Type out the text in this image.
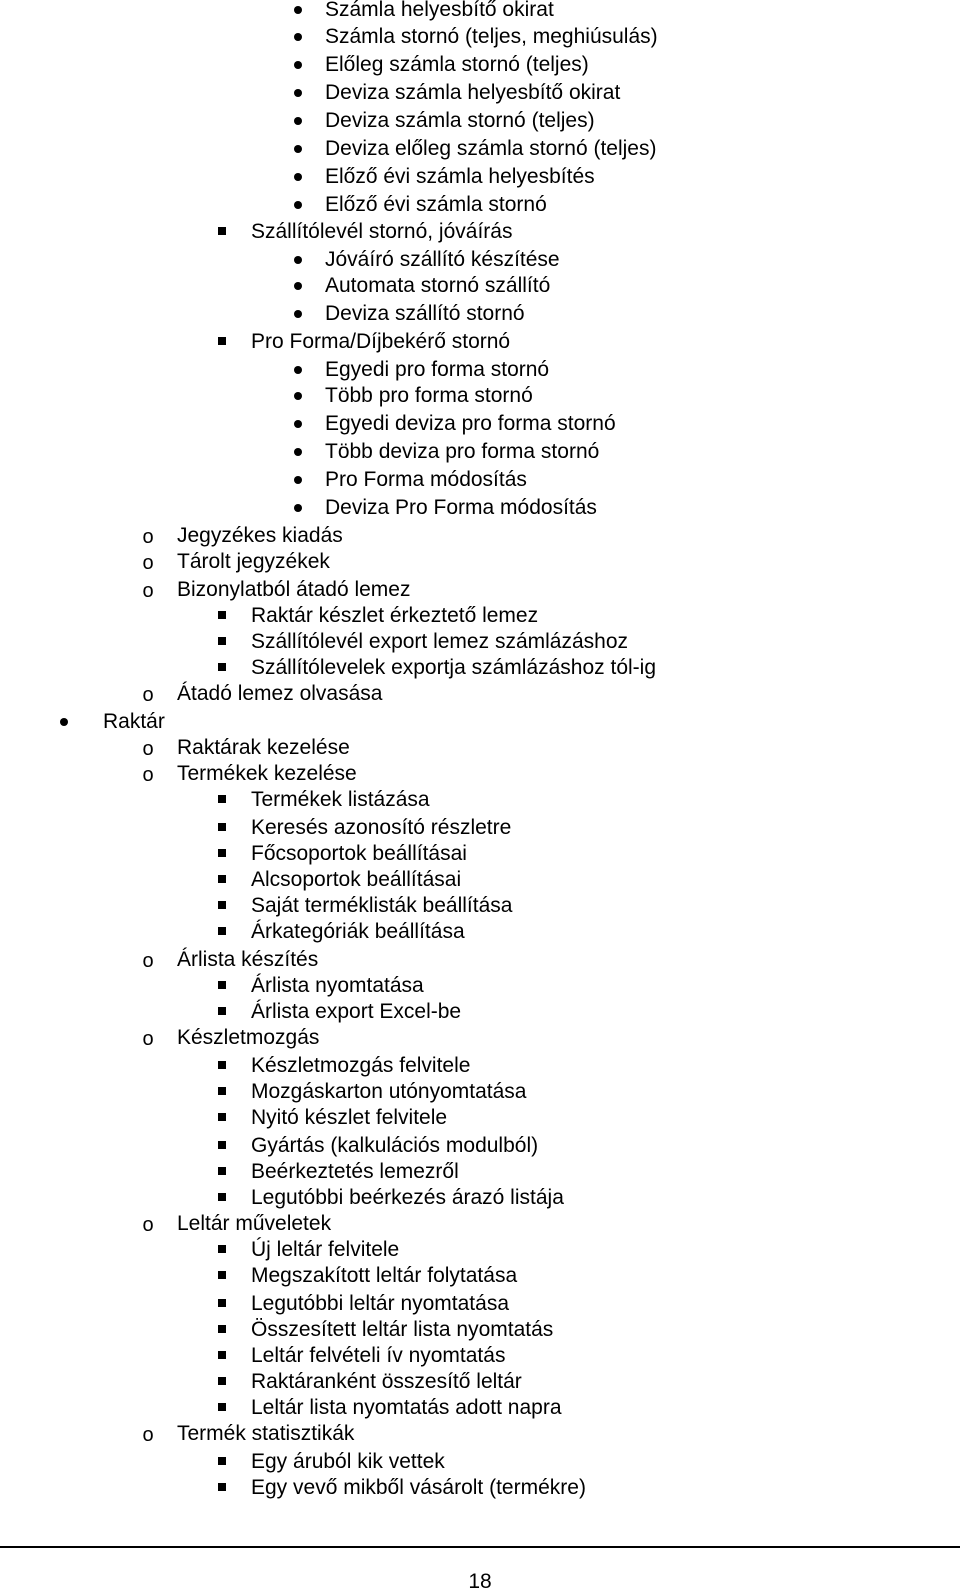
Számla helyesbítő okirat
Számla stornó (teljes, meghiúsulás)
Előleg számla stornó (teljes)
Deviza számla helyesbítő okirat
Deviza számla stornó (teljes)
Deviza előleg számla stornó (teljes)
Előző évi számla helyesbítés
Előző évi számla stornó
Szállítólevél stornó, jóváírás
Jóváíró szállító készítése
Automata stornó szállító
Deviza szállító stornó
Pro Forma/Díjbekérő stornó
Egyedi pro forma stornó
Több pro forma stornó
Egyedi deviza pro forma stornó
Több deviza pro forma stornó
Pro Forma módosítás
Deviza Pro Forma módosítás
o Jegyzékes kiadás
o Tárolt jegyzékek
o Bizonylatból átadó lemez
Raktár készlet érkeztető lemez
Szállítólevél export lemez számlázáshoz
Szállítólevelek exportja számlázáshoz tól-ig
o Átadó lemez olvasása
Raktár
o Raktárak kezelése
o Termékek kezelése
Termékek listázása
Keresés azonosító részletre
Főcsoportok beállításai
Alcsoportok beállításai
Saját terméklisták beállítása
Árkategóriák beállítása
o Árlista készítés
Árlista nyomtatása
Árlista export Excel-be
o Készletmozgás
Készletmozgás felvitele
Mozgáskarton utónyomtatása
Nyitó készlet felvitele
Gyártás (kalkulációs modulból)
Beérkeztetés lemezről
Legutóbbi beérkezés árazó listája
o Leltár műveletek
Új leltár felvitele
Megszakított leltár folytatása
Legutóbbi leltár nyomtatása
Összesített leltár lista nyomtatás
Leltár felvételi ív nyomtatás
Raktáranként összesítő leltár
Leltár lista nyomtatás adott napra
o Termék statisztikák
Egy áruból kik vettek
Egy vevő mikből vásárolt (termékre)
18
